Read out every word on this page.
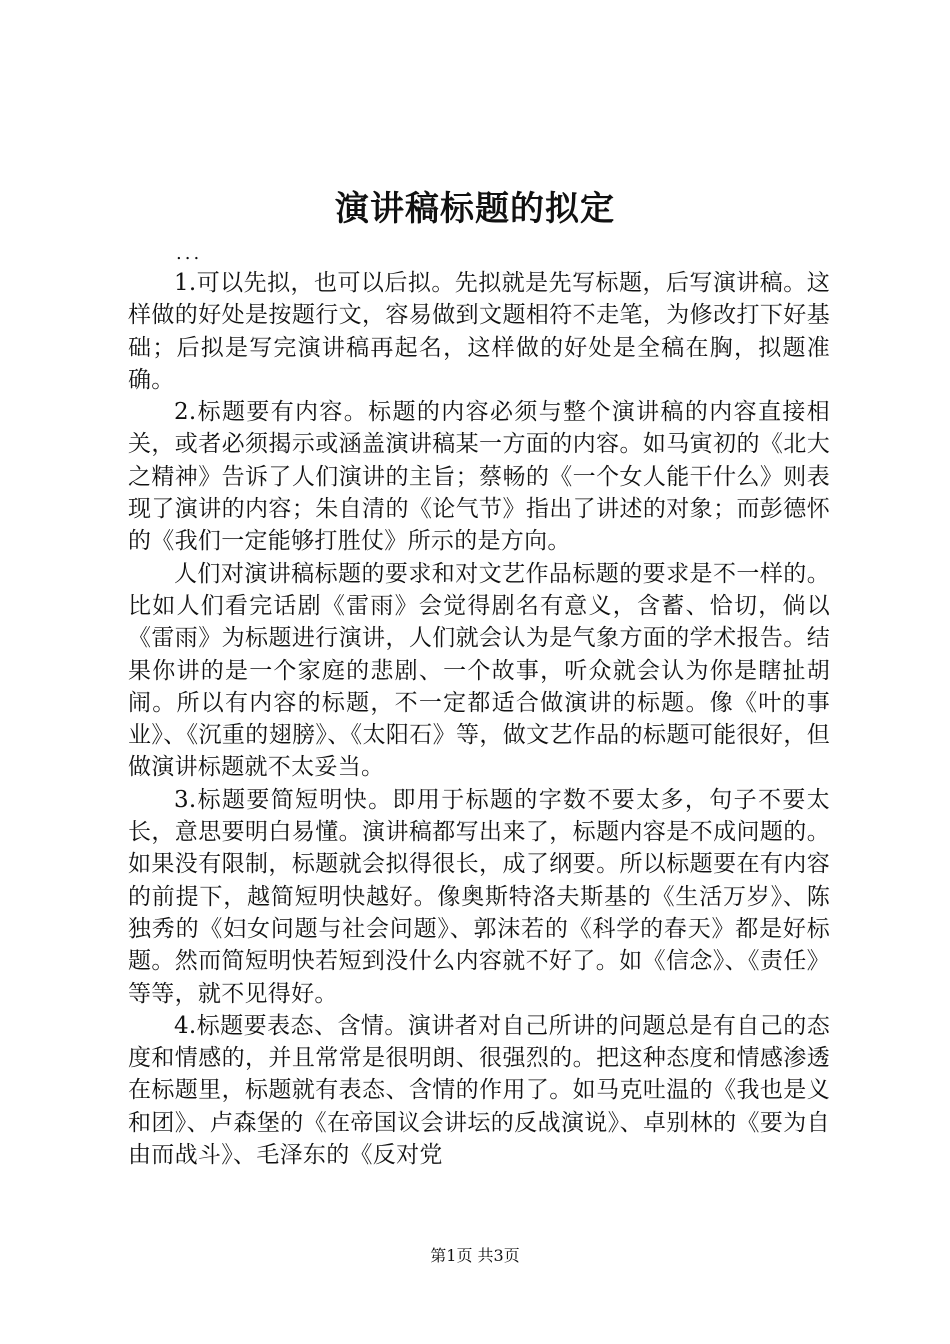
演讲稿标题的拟定
...

1.可以先拟，也可以后拟。先拟就是先写标题，后写演讲稿。这样做的好处是按题行文，容易做到文题相符不走笔，为修改打下好基础；后拟是写完演讲稿再起名，这样做的好处是全稿在胸，拟题准确。

2.标题要有内容。标题的内容必须与整个演讲稿的内容直接相关，或者必须揭示或涵盖演讲稿某一方面的内容。如马寅初的《北大之精神》告诉了人们演讲的主旨；蔡畅的《一个女人能干什么》则表现了演讲的内容；朱自清的《论气节》指出了讲述的对象；而彭德怀的《我们一定能够打胜仗》所示的是方向。

人们对演讲稿标题的要求和对文艺作品标题的要求是不一样的。比如人们看完话剧《雷雨》会觉得剧名有意义，含蓄、恰切，倘以《雷雨》为标题进行演讲，人们就会认为是气象方面的学术报告。结果你讲的是一个家庭的悲剧、一个故事，听众就会认为你是瞎扯胡闹。所以有内容的标题，不一定都适合做演讲的标题。像《叶的事业》、《沉重的翅膀》、《太阳石》等，做文艺作品的标题可能很好，但做演讲标题就不太妥当。

3.标题要简短明快。即用于标题的字数不要太多，句子不要太长，意思要明白易懂。演讲稿都写出来了，标题内容是不成问题的。如果没有限制，标题就会拟得很长，成了纲要。所以标题要在有内容的前提下，越简短明快越好。像奥斯特洛夫斯基的《生活万岁》、陈独秀的《妇女问题与社会问题》、郭沫若的《科学的春天》都是好标题。然而简短明快若短到没什么内容就不好了。如《信念》、《责任》等等，就不见得好。

4.标题要表态、含情。演讲者对自己所讲的问题总是有自己的态度和情感的，并且常常是很明朗、很强烈的。把这种态度和情感渗透在标题里，标题就有表态、含情的作用了。如马克吐温的《我也是义和团》、卢森堡的《在帝国议会讲坛的反战演说》、卓别林的《要为自由而战斗》、毛泽东的《反对党

第1页 共3页
